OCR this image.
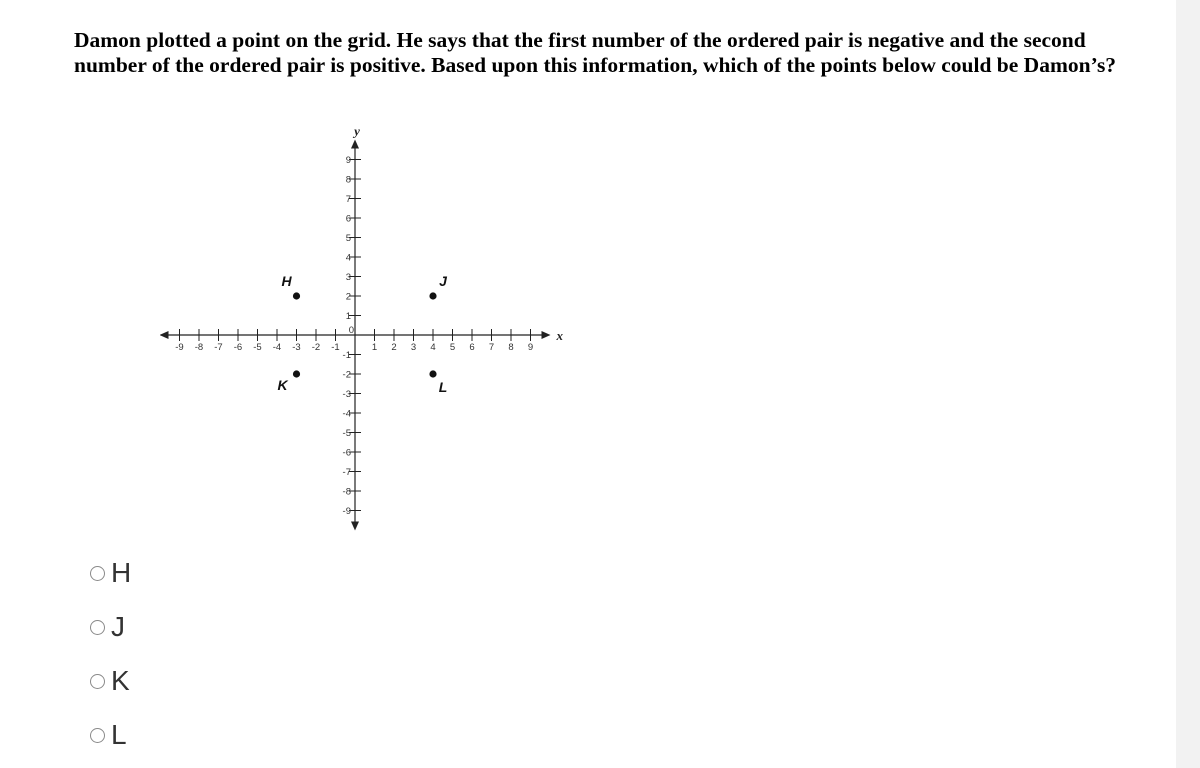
Damon plotted a point on the grid. He says that the first number of the ordered pair is negative and the second number of the ordered pair is positive. Based upon this information, which of the points below could be Damon’s?

x
y
-9 -8 -7 -6 -5 -4 -3 -2 -1	1 2 3 4 5 6 7 8 9
9
8
7
6
5
4
3
2
1
-1
-2
-3
-4
-5
-6
-7
-8
-9
0
H	J
K	L
H
J
K
L
